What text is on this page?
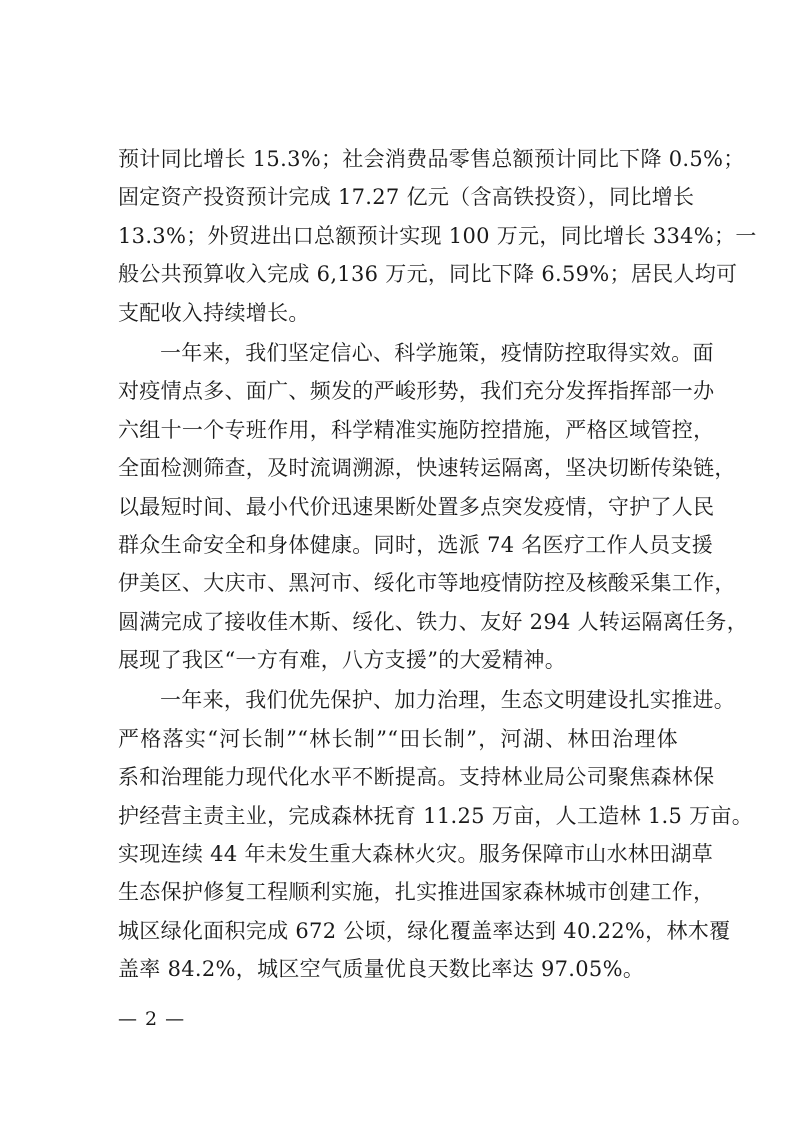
预计同比增长 15.3%；社会消费品零售总额预计同比下降 0.5%；
固定资产投资预计完成 17.27 亿元（含高铁投资），同比增长
13.3%；外贸进出口总额预计实现 100 万元，同比增长 334%；一
般公共预算收入完成 6,136 万元，同比下降 6.59%；居民人均可
支配收入持续增长。
一年来，我们坚定信心、科学施策，疫情防控取得实效。面
对疫情点多、面广、频发的严峻形势，我们充分发挥指挥部一办
六组十一个专班作用，科学精准实施防控措施，严格区域管控，
全面检测筛查，及时流调溯源，快速转运隔离，坚决切断传染链，
以最短时间、最小代价迅速果断处置多点突发疫情，守护了人民
群众生命安全和身体健康。同时，选派 74 名医疗工作人员支援
伊美区、大庆市、黑河市、绥化市等地疫情防控及核酸采集工作，
圆满完成了接收佳木斯、绥化、铁力、友好 294 人转运隔离任务，
展现了我区“一方有难，八方支援”的大爱精神。
一年来，我们优先保护、加力治理，生态文明建设扎实推进。
严格落实“河长制”“林长制”“田长制”，河湖、林田治理体
系和治理能力现代化水平不断提高。支持林业局公司聚焦森林保
护经营主责主业，完成森林抚育 11.25 万亩，人工造林 1.5 万亩。
实现连续 44 年未发生重大森林火灾。服务保障市山水林田湖草
生态保护修复工程顺利实施，扎实推进国家森林城市创建工作，
城区绿化面积完成 672 公顷，绿化覆盖率达到 40.22%，林木覆
盖率 84.2%，城区空气质量优良天数比率达 97.05%。
— 2 —
